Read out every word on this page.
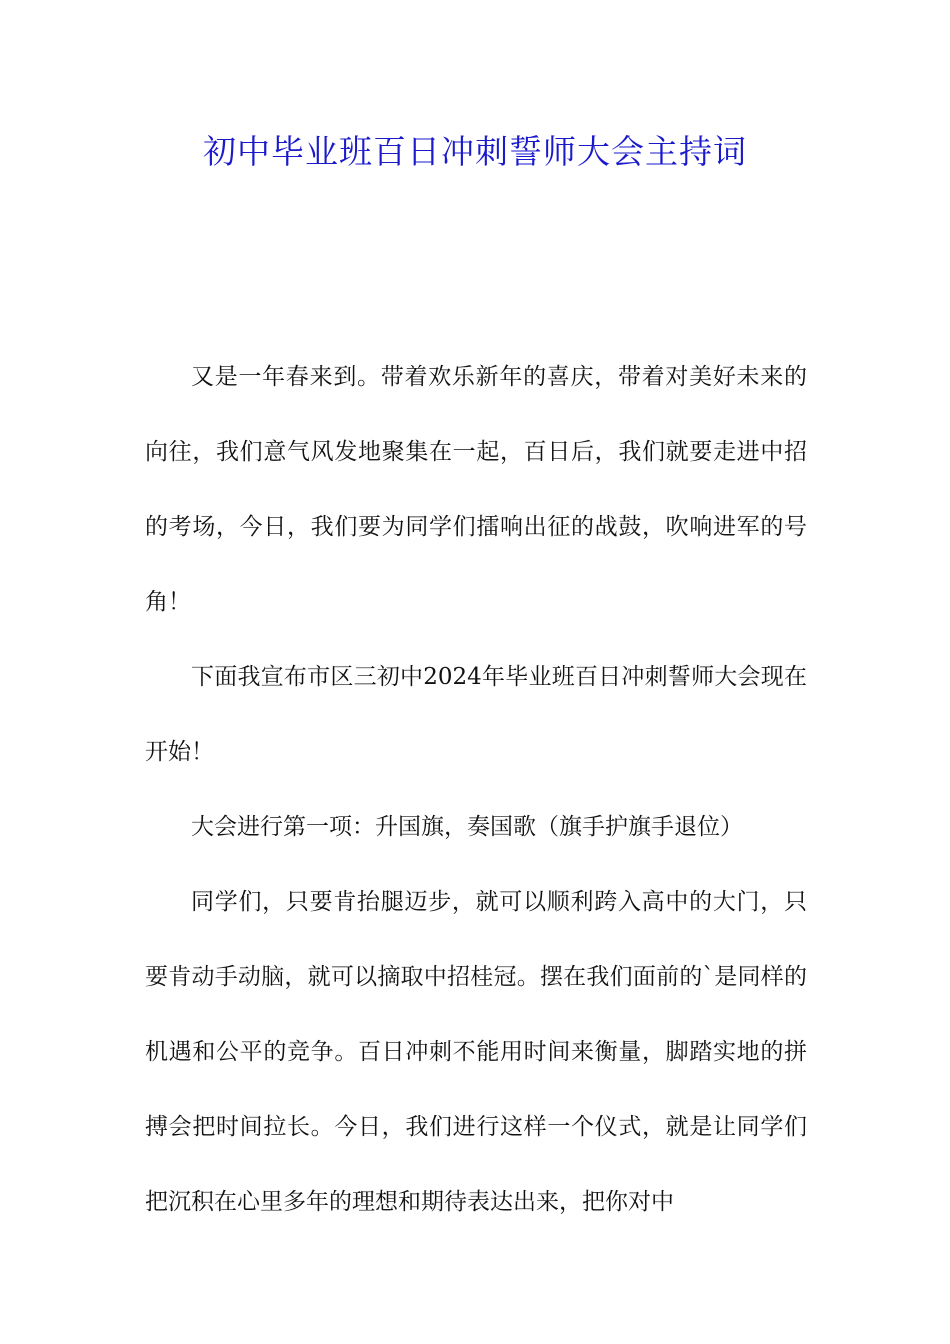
初中毕业班百日冲刺誓师大会主持词

又是一年春来到。带着欢乐新年的喜庆，带着对美好未来的向往，我们意气风发地聚集在一起，百日后，我们就要走进中招的考场，今日，我们要为同学们擂响出征的战鼓，吹响进军的号角！

下面我宣布市区三初中2024年毕业班百日冲刺誓师大会现在开始！

大会进行第一项：升国旗，奏国歌（旗手护旗手退位）

同学们，只要肯抬腿迈步，就可以顺利跨入高中的大门，只要肯动手动脑，就可以摘取中招桂冠。摆在我们面前的`是同样的机遇和公平的竞争。百日冲刺不能用时间来衡量，脚踏实地的拼搏会把时间拉长。今日，我们进行这样一个仪式，就是让同学们把沉积在心里多年的理想和期待表达出来，把你对中
